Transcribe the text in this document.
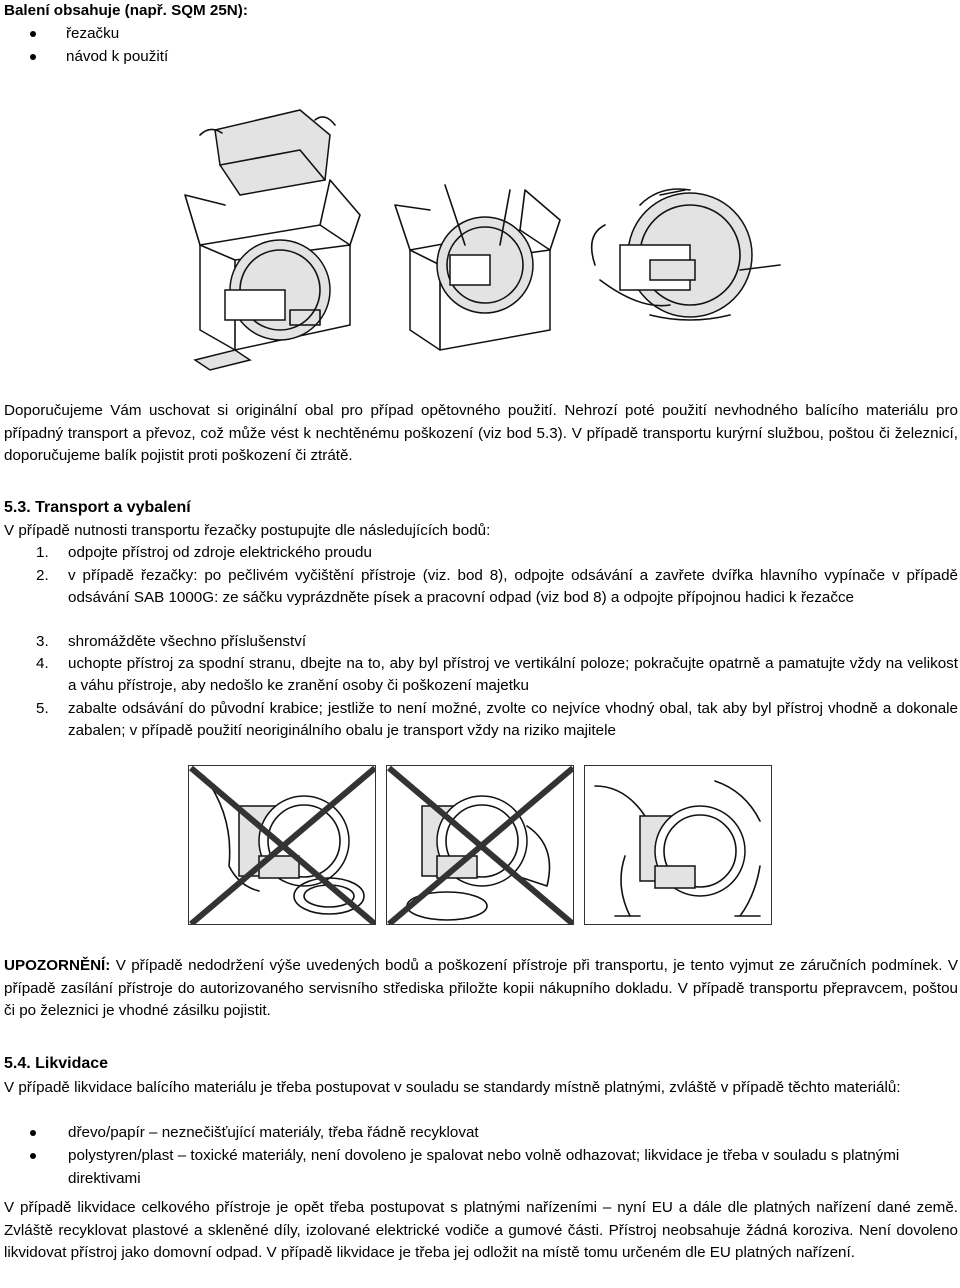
Balení obsahuje (např. SQM 25N):
řezačku
návod k použití
Doporučujeme Vám uschovat si originální obal pro případ opětovného použití. Nehrozí poté použití nevhodného balícího materiálu pro případný transport a převoz, což může vést k nechtěnému poškození (viz bod 5.3). V případě transportu kurýrní službou, poštou či železnicí, doporučujeme balík pojistit proti poškození či ztrátě.
5.3. Transport a vybalení
V případě nutnosti transportu řezačky postupujte dle následujících bodů:
1. odpojte přístroj od zdroje elektrického proudu
2. v případě řezačky: po pečlivém vyčištění přístroje (viz. bod 8), odpojte odsávání a zavřete dvířka hlavního vypínače v případě odsávání SAB 1000G: ze sáčku vyprázdněte písek a pracovní odpad (viz bod 8) a odpojte přípojnou hadici k řezačce
3. shromážděte všechno příslušenství
4. uchopte přístroj za spodní stranu, dbejte na to, aby byl přístroj ve vertikální poloze; pokračujte opatrně a pamatujte vždy na velikost a váhu přístroje, aby nedošlo ke zranění osoby či poškození majetku
5. zabalte odsávání do původní krabice; jestliže to není možné, zvolte co nejvíce vhodný obal, tak aby byl přístroj vhodně a dokonale zabalen; v případě použití neoriginálního obalu je transport vždy na riziko majitele
UPOZORNĚNÍ: V případě nedodržení výše uvedených bodů a poškození přístroje při transportu, je tento vyjmut ze záručních podmínek. V případě zasílání přístroje do autorizovaného servisního střediska přiložte kopii nákupního dokladu. V případě transportu přepravcem, poštou či po železnici je vhodné zásilku pojistit.
5.4. Likvidace
V případě likvidace balícího materiálu je třeba postupovat v souladu se standardy místně platnými, zvláště v případě těchto materiálů:
dřevo/papír – neznečišťující materiály, třeba řádně recyklovat
polystyren/plast – toxické materiály, není dovoleno je spalovat nebo volně odhazovat; likvidace je třeba v souladu s platnými direktivami
V případě likvidace celkového přístroje je opět třeba postupovat s platnými nařízeními – nyní EU a dále dle platných nařízení dané země. Zvláště recyklovat plastové a skleněné díly, izolované elektrické vodiče a gumové části. Přístroj neobsahuje žádná koroziva. Není dovoleno likvidovat přístroj jako domovní odpad. V případě likvidace je třeba jej odložit na místě tomu určeném dle EU platných nařízení.
